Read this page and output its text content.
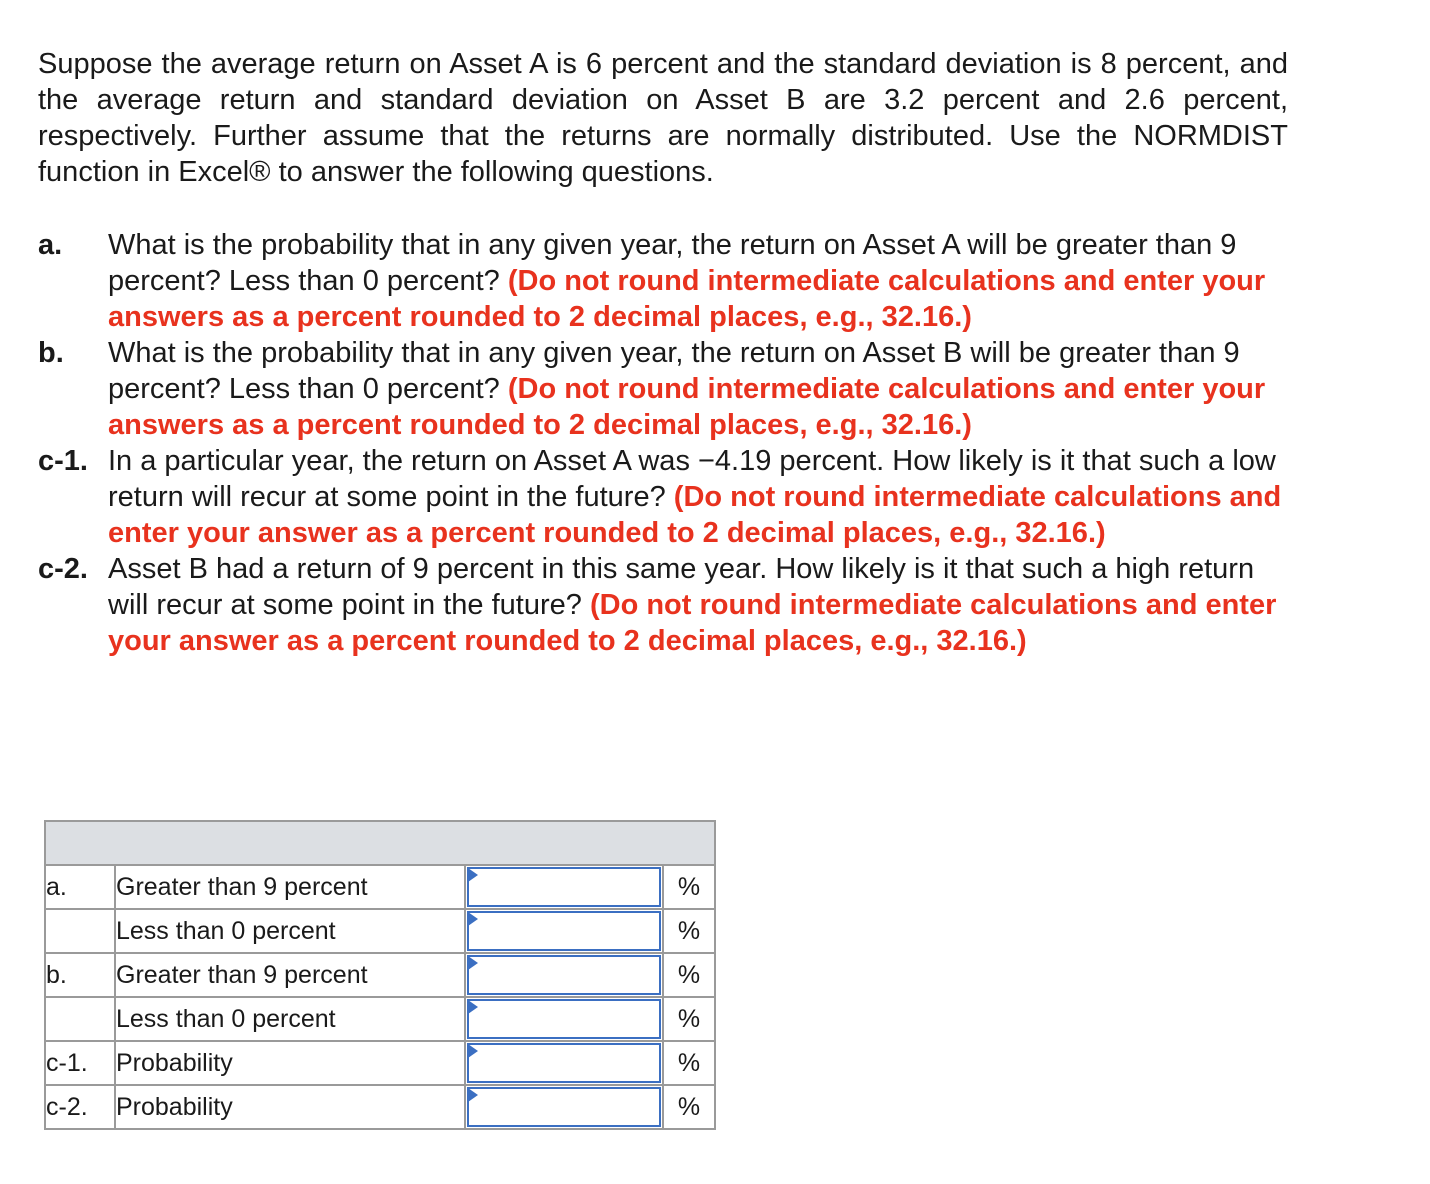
Suppose the average return on Asset A is 6 percent and the standard deviation is 8 percent, and the average return and standard deviation on Asset B are 3.2 percent and 2.6 percent, respectively. Further assume that the returns are normally distributed. Use the NORMDIST function in Excel® to answer the following questions.

a.	What is the probability that in any given year, the return on Asset A will be greater than 9 percent? Less than 0 percent? (Do not round intermediate calculations and enter your answers as a percent rounded to 2 decimal places, e.g., 32.16.)
b.	What is the probability that in any given year, the return on Asset B will be greater than 9 percent? Less than 0 percent? (Do not round intermediate calculations and enter your answers as a percent rounded to 2 decimal places, e.g., 32.16.)
c-1. In a particular year, the return on Asset A was −4.19 percent. How likely is it that such a low return will recur at some point in the future? (Do not round intermediate calculations and enter your answer as a percent rounded to 2 decimal places, e.g., 32.16.)
c-2. Asset B had a return of 9 percent in this same year. How likely is it that such a high return will recur at some point in the future? (Do not round intermediate calculations and enter your answer as a percent rounded to 2 decimal places, e.g., 32.16.)

a.	Greater than 9 percent		%
	Less than 0 percent		%
b.	Greater than 9 percent		%
	Less than 0 percent		%
c-1.	Probability		%
c-2.	Probability		%
